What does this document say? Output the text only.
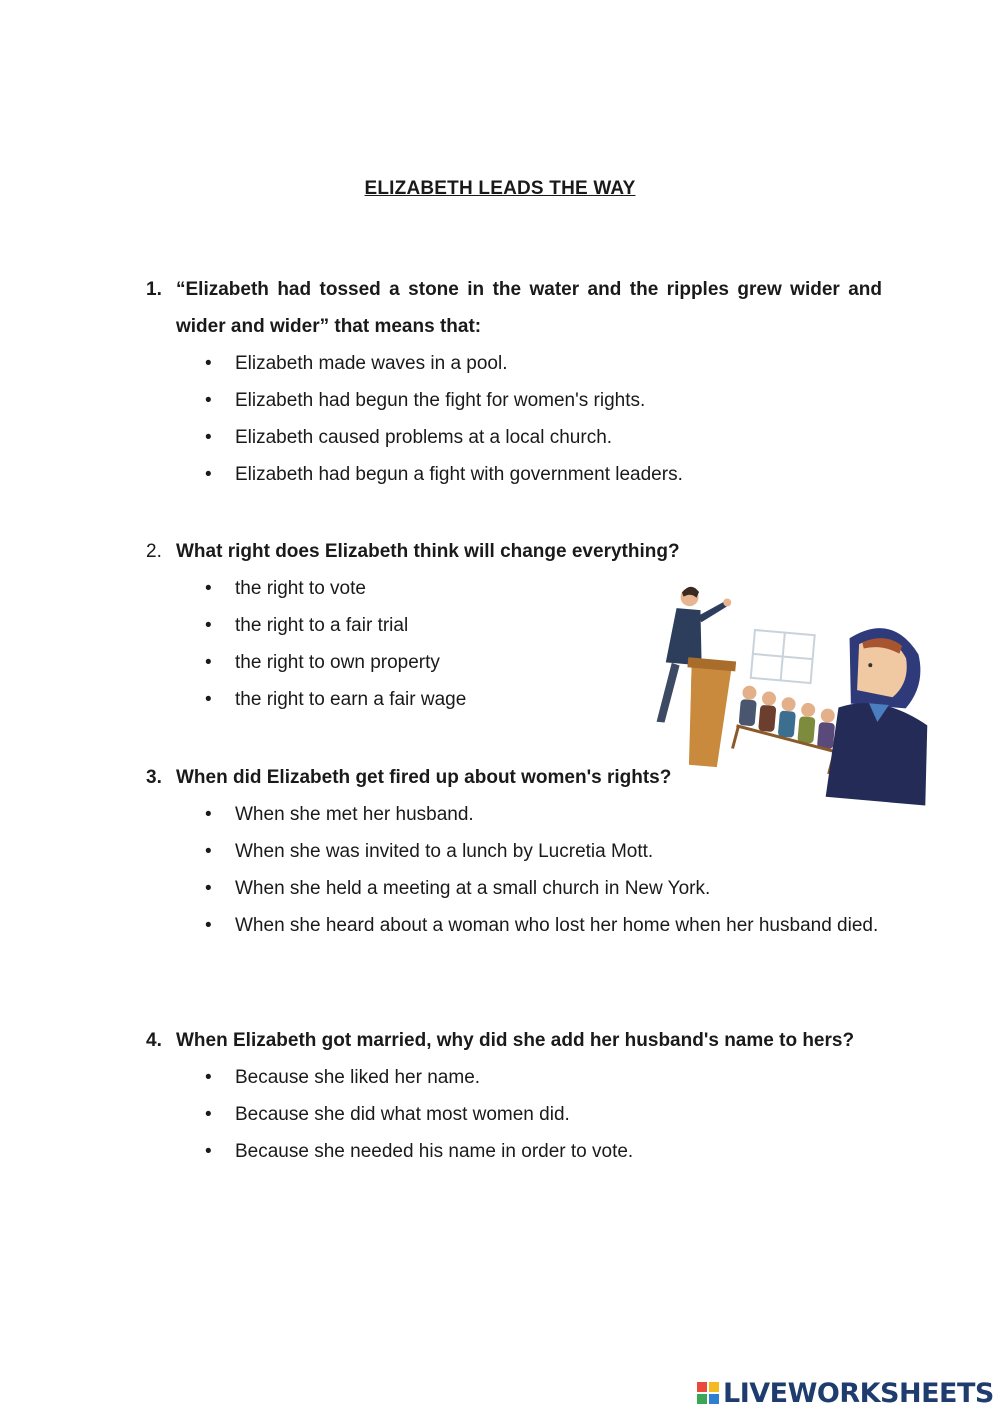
ELIZABETH LEADS THE WAY
1. “Elizabeth had tossed a stone in the water and the ripples grew wider and wider and wider” that means that:
• Elizabeth made waves in a pool.
• Elizabeth had begun the fight for women's rights.
• Elizabeth caused problems at a local church.
• Elizabeth had begun a fight with government leaders.
2. What right does Elizabeth think will change everything?
• the right to vote
• the right to a fair trial
• the right to own property
• the right to earn a fair wage
3. When did Elizabeth get fired up about women's rights?
• When she met her husband.
• When she was invited to a lunch by Lucretia Mott.
• When she held a meeting at a small church in New York.
• When she heard about a woman who lost her home when her husband died.
4. When Elizabeth got married, why did she add her husband's name to hers?
• Because she liked her name.
• Because she did what most women did.
• Because she needed his name in order to vote.
LIVEWORKSHEETS
